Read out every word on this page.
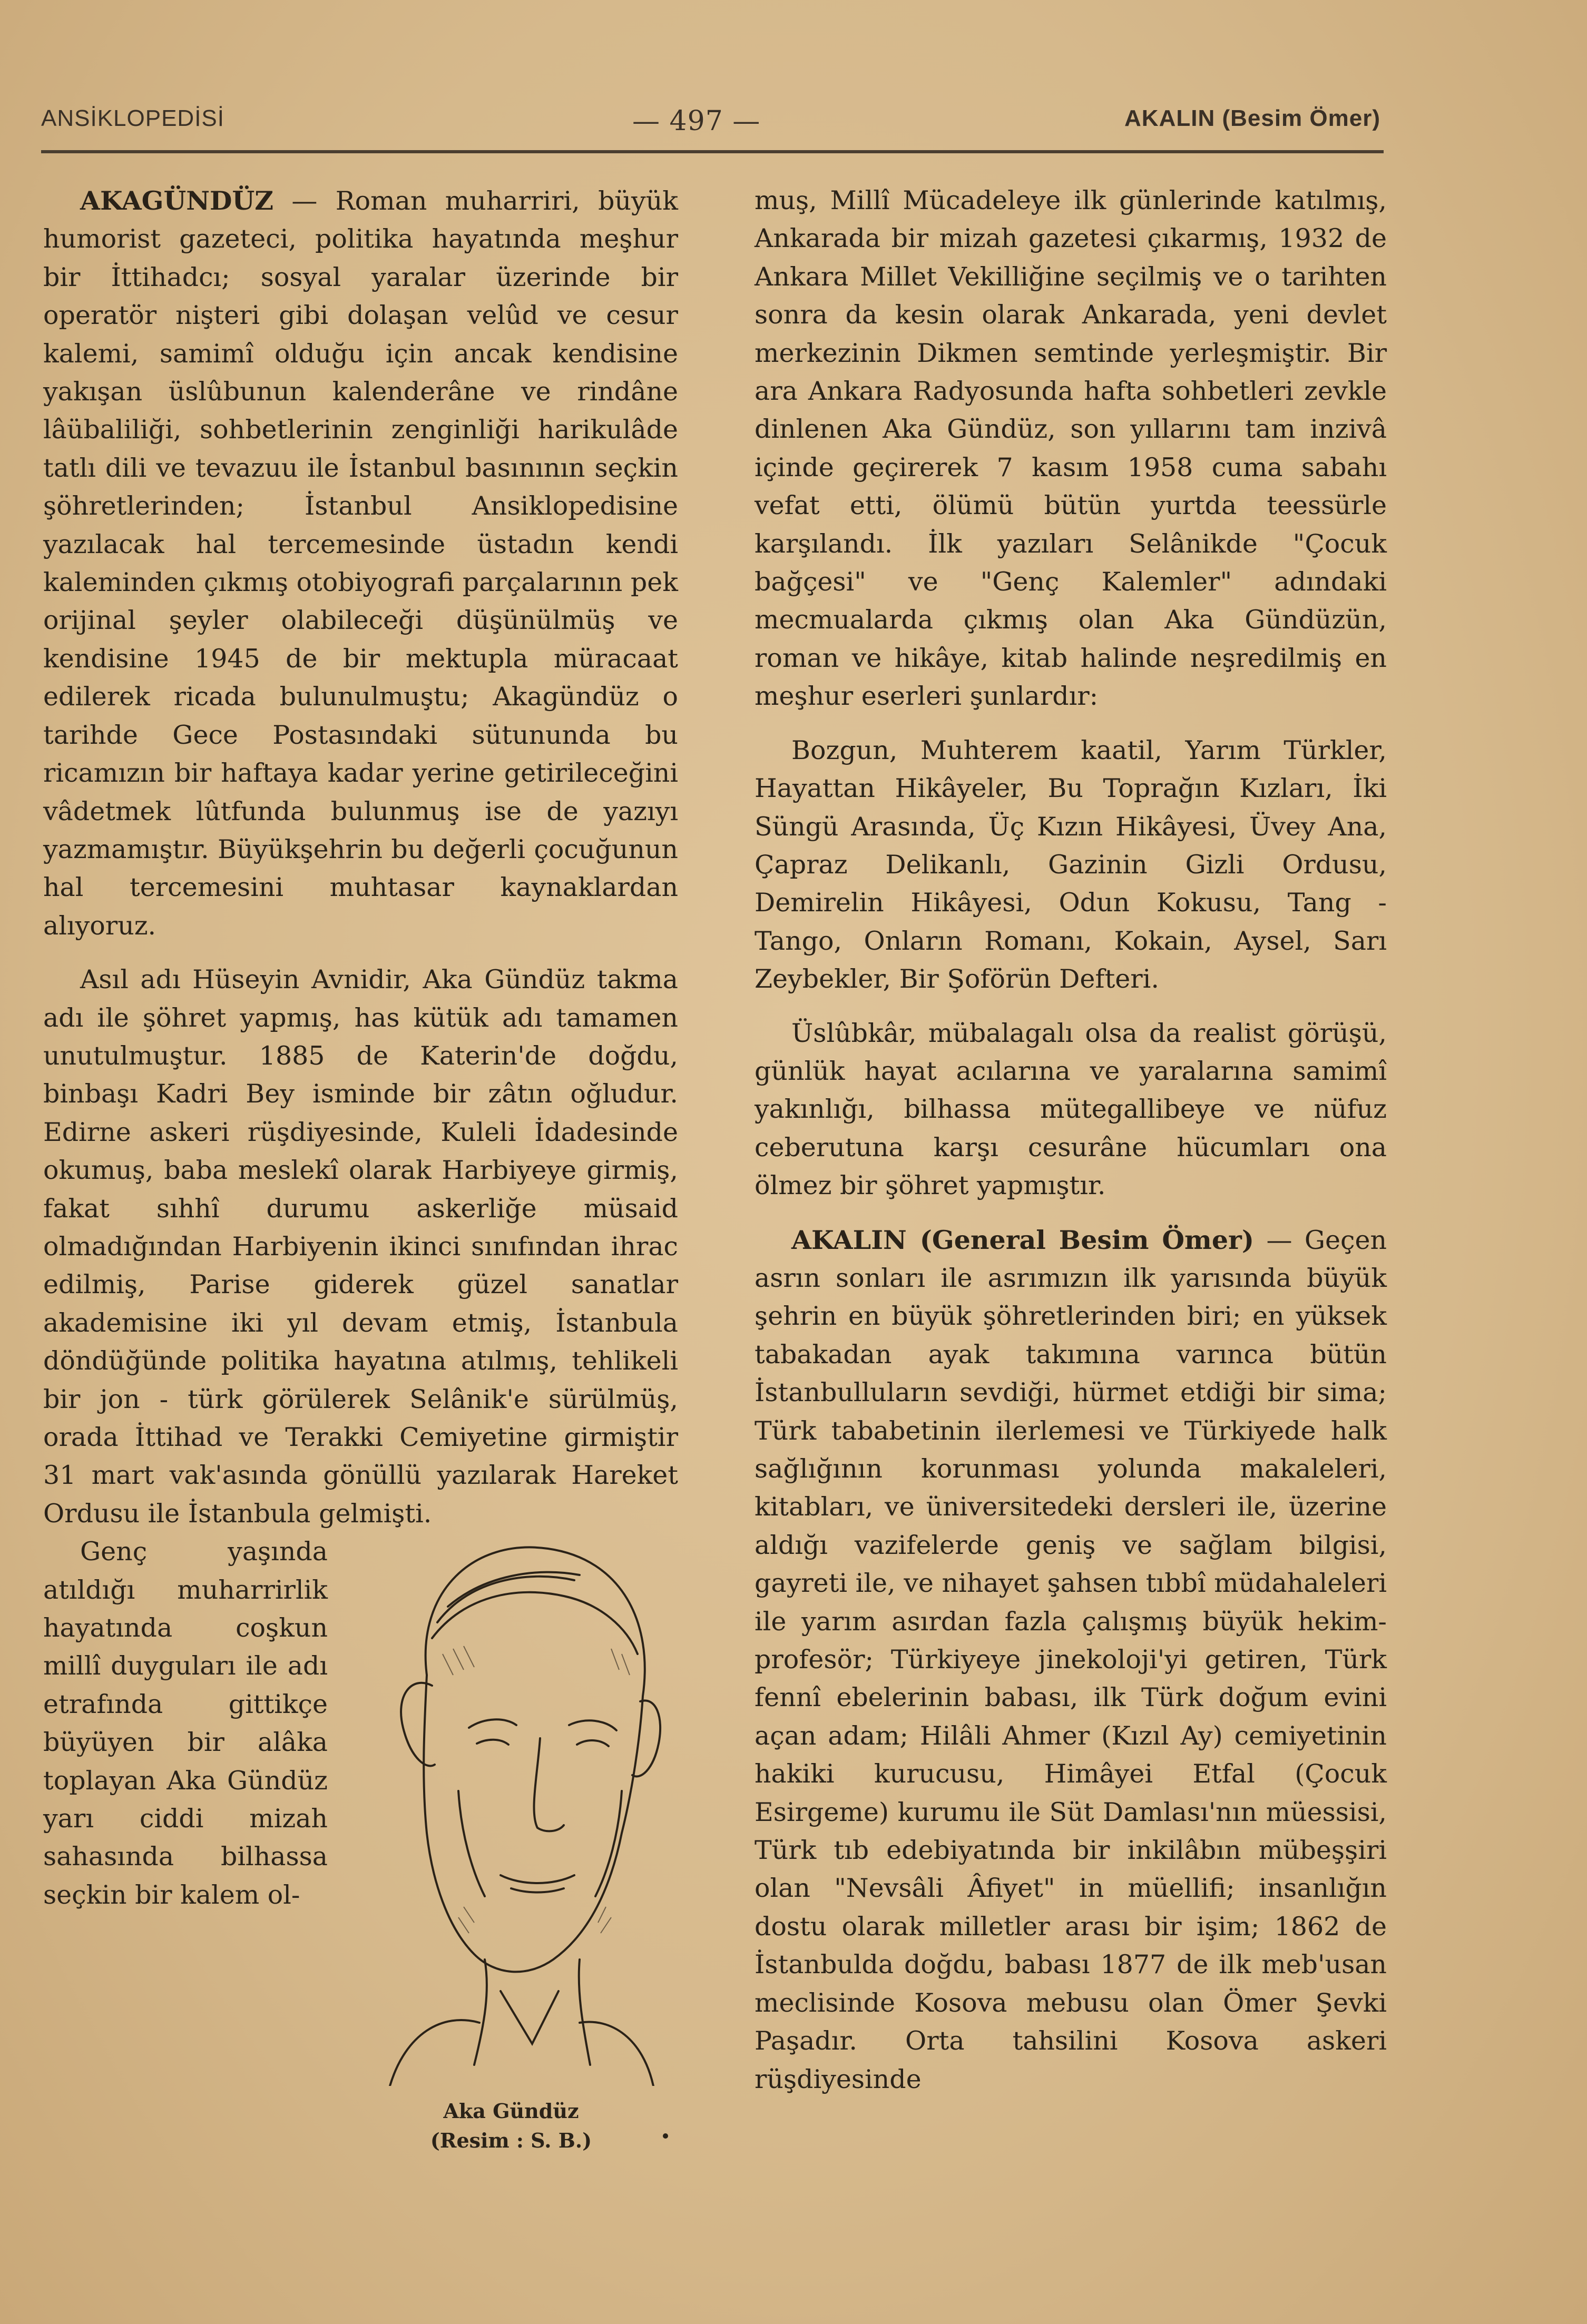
ANSİKLOPEDİSİ	— 497 —	AKALIN (Besim Ömer)

AKAGÜNDÜZ — Roman muharriri, büyük humorist gazeteci, politika hayatında meşhur bir İttihadcı; sosyal yaralar üzerinde bir operatör nişteri gibi dolaşan velûd ve cesur kalemi, samimî olduğu için ancak kendisine yakışan üslûbunun kalenderâne ve rindâne lâübaliliği, sohbetlerinin zenginliği harikulâde tatlı dili ve tevazuu ile İstanbul basınının seçkin şöhretlerinden; İstanbul Ansiklopedisine yazılacak hal tercemesinde üstadın kendi kaleminden çıkmış otobiyografi parçalarının pek orijinal şeyler olabileceği düşünülmüş ve kendisine 1945 de bir mektupla müracaat edilerek ricada bulunulmuştu; Akagündüz o tarihde Gece Postasındaki sütununda bu ricamızın bir haftaya kadar yerine getirileceğini vâdetmek lûtfunda bulunmuş ise de yazıyı yazmamıştır. Büyükşehrin bu değerli çocuğunun hal tercemesini muhtasar kaynaklardan alıyoruz.

Asıl adı Hüseyin Avnidir, Aka Gündüz takma adı ile şöhret yapmış, has kütük adı tamamen unutulmuştur. 1885 de Katerin'de doğdu, binbaşı Kadri Bey isminde bir zâtın oğludur. Edirne askeri rüşdiyesinde, Kuleli İdadesinde okumuş, baba meslekî olarak Harbiyeye girmiş, fakat sıhhî durumu askerliğe müsaid olmadığından Harbiyenin ikinci sınıfından ihrac edilmiş, Parise giderek güzel sanatlar akademisine iki yıl devam etmiş, İstanbula döndüğünde politika hayatına atılmış, tehlikeli bir jon - türk görülerek Selânik'e sürülmüş, orada İttihad ve Terakki Cemiyetine girmiştir 31 mart vak'asında gönüllü yazılarak Hareket Ordusu ile İstanbula gelmişti.

Genç yaşında atıldığı muharrirlik hayatında coşkun millî duyguları ile adı etrafında gittikçe büyüyen bir alâka toplayan Aka Gündüz yarı ciddi mizah sahasında bilhassa seçkin bir kalem ol-

Aka Gündüz
(Resim : S. B.)

muş, Millî Mücadeleye ilk günlerinde katılmış, Ankarada bir mizah gazetesi çıkarmış, 1932 de Ankara Millet Vekilliğine seçilmiş ve o tarihten sonra da kesin olarak Ankarada, yeni devlet merkezinin Dikmen semtinde yerleşmiştir. Bir ara Ankara Radyosunda hafta sohbetleri zevkle dinlenen Aka Gündüz, son yıllarını tam inzivâ içinde geçirerek 7 kasım 1958 cuma sabahı vefat etti, ölümü bütün yurtda teessürle karşılandı. İlk yazıları Selânikde "Çocuk bağçesi" ve "Genç Kalemler" adındaki mecmualarda çıkmış olan Aka Gündüzün, roman ve hikâye, kitab halinde neşredilmiş en meşhur eserleri şunlardır:

Bozgun, Muhterem kaatil, Yarım Türkler, Hayattan Hikâyeler, Bu Toprağın Kızları, İki Süngü Arasında, Üç Kızın Hikâyesi, Üvey Ana, Çapraz Delikanlı, Gazinin Gizli Ordusu, Demirelin Hikâyesi, Odun Kokusu, Tang - Tango, Onların Romanı, Kokain, Aysel, Sarı Zeybekler, Bir Şoförün Defteri.

Üslûbkâr, mübalagalı olsa da realist görüşü, günlük hayat acılarına ve yaralarına samimî yakınlığı, bilhassa mütegallibeye ve nüfuz ceberutuna karşı cesurâne hücumları ona ölmez bir şöhret yapmıştır.

AKALIN (General Besim Ömer) — Geçen asrın sonları ile asrımızın ilk yarısında büyük şehrin en büyük şöhretlerinden biri; en yüksek tabakadan ayak takımına varınca bütün İstanbulluların sevdiği, hürmet etdiği bir sima; Türk tababetinin ilerlemesi ve Türkiyede halk sağlığının korunması yolunda makaleleri, kitabları, ve üniversitedeki dersleri ile, üzerine aldığı vazifelerde geniş ve sağlam bilgisi, gayreti ile, ve nihayet şahsen tıbbî müdahaleleri ile yarım asırdan fazla çalışmış büyük hekim-profesör; Türkiyeye jinekoloji'yi getiren, Türk fennî ebelerinin babası, ilk Türk doğum evini açan adam; Hilâli Ahmer (Kızıl Ay) cemiyetinin hakiki kurucusu, Himâyei Etfal (Çocuk Esirgeme) kurumu ile Süt Damlası'nın müessisi, Türk tıb edebiyatında bir inkilâbın mübeşşiri olan "Nevsâli Âfiyet" in müellifi; insanlığın dostu olarak milletler arası bir işim; 1862 de İstanbulda doğdu, babası 1877 de ilk meb'usan meclisinde Kosova mebusu olan Ömer Şevki Paşadır. Orta tahsilini Kosova askeri rüşdiyesinde
